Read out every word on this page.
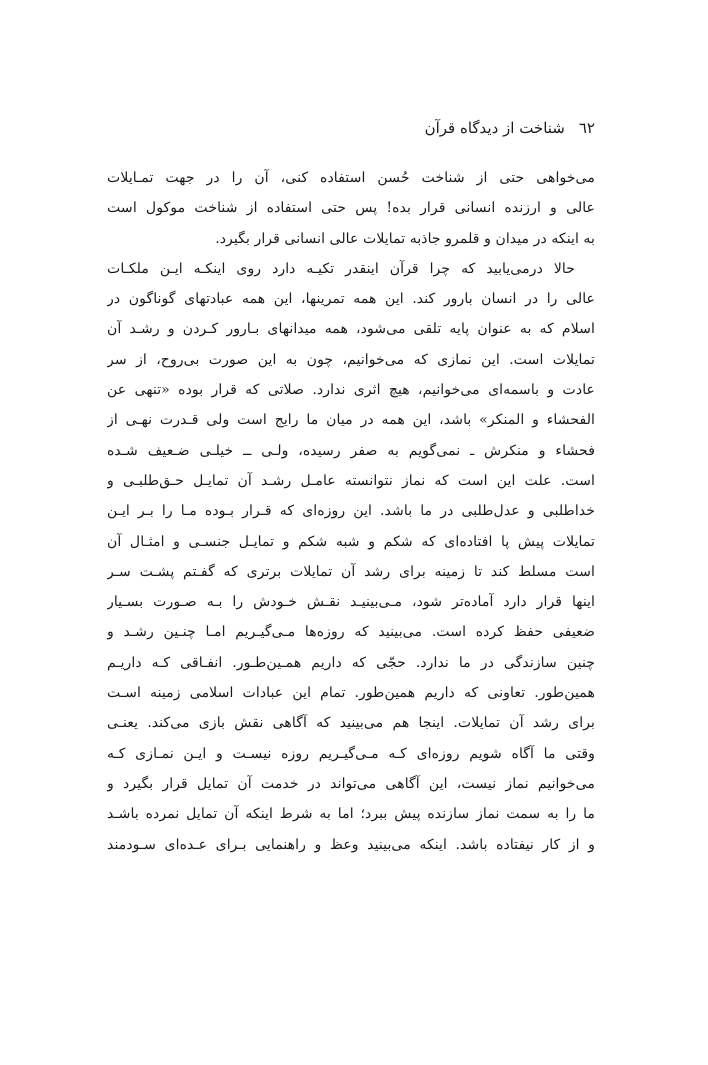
٦٢شناخت از دیدگاه قرآن
می‌خواهی حتی از شناخت حُسن استفاده کنی، آن را در جهت تمـایلات
عالی و ارزنده انسانی قرار بده! پس حتی استفاده از شناخت موکول است
به اینکه در میدان و قلمرو جاذبه تمایلات عالی انسانی قرار بگیرد.
حالا درمی‌یابید که چرا قرآن اینقدر تکیـه دارد روی اینکـه ایـن ملکـات
عالی را در انسان بارور کند. این همه تمرینها، این همه عبادتهای گوناگون در
اسلام که به عنوان پایه تلقی می‌شود، همه میدانهای بـارور کـردن و رشـد آن
تمایلات است. این نمازی که می‌خوانیم، چون به این صورت بی‌روح، از سر
عادت و باسمه‌ای می‌خوانیم، هیچ اثری ندارد. صلاتی که قرار بوده «تنهی عن
الفحشاء و المنکر» باشد، این همه در میان ما رایج است ولی قـدرت نهـی از
فحشاء و منکرش ـ نمی‌گویم به صفر رسیده، ولـی ــ خیلـی ضـعیف شـده
است. علت این است که نماز نتوانسته عامـل رشـد آن تمایـل حـق‌طلبـی و
خداطلبی و عدل‌طلبی در ما باشد. این روزه‌ای که قـرار بـوده مـا را بـر ایـن
تمایلات پیش پا افتاده‌ای که شکم و شبه شکم و تمایـل جنسـی و امثـال آن
است مسلط کند تا زمینه برای رشد آن تمایلات برتری که گفـتم پشـت سـر
اینها قرار دارد آماده‌تر شود، مـی‌بینیـد نقـش خـودش را بـه صـورت بسـیار
ضعیفی حفظ کرده است. می‌بینید که روزه‌ها مـی‌گیـریم امـا چنـین رشـد و
چنین سازندگی در ما ندارد. حجّی که داریم همـین‌طـور. انفـاقی کـه داریـم
همین‌طور. تعاونی که داریم همین‌طور. تمام این عبادات اسلامی زمینه اسـت
برای رشد آن تمایلات. اینجا هم می‌بینید که آگاهی نقش بازی می‌کند. یعنـی
وقتی ما آگاه شویم روزه‌ای کـه مـی‌گیـریم روزه نیسـت و ایـن نمـازی کـه
می‌خوانیم نماز نیست، این آگاهی می‌تواند در خدمت آن تمایل قرار بگیرد و
ما را به سمت نماز سازنده پیش ببرد؛ اما به شرط اینکه آن تمایل نمرده باشـد
و از کار نیفتاده باشد. اینکه می‌بینید وعظ و راهنمایی بـرای عـده‌ای سـودمند
